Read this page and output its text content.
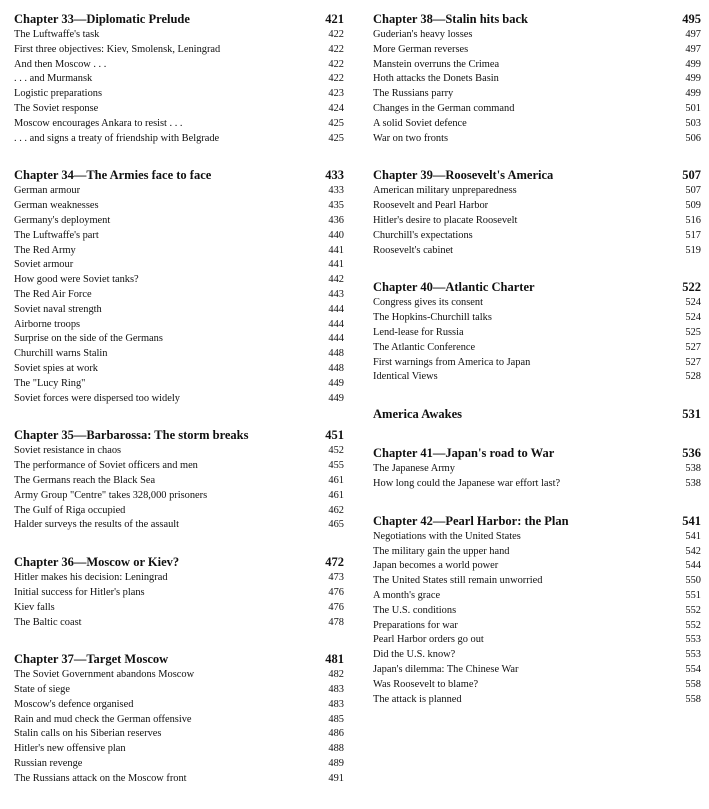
Chapter 33—Diplomatic Prelude	421
The Luftwaffe's task	422
First three objectives: Kiev, Smolensk, Leningrad	422
And then Moscow . . .	422
. . . and Murmansk	422
Logistic preparations	423
The Soviet response	424
Moscow encourages Ankara to resist . . .	425
. . . and signs a treaty of friendship with Belgrade	425
Chapter 34—The Armies face to face	433
German armour	433
German weaknesses	435
Germany's deployment	436
The Luftwaffe's part	440
The Red Army	441
Soviet armour	441
How good were Soviet tanks?	442
The Red Air Force	443
Soviet naval strength	444
Airborne troops	444
Surprise on the side of the Germans	444
Churchill warns Stalin	448
Soviet spies at work	448
The "Lucy Ring"	449
Soviet forces were dispersed too widely	449
Chapter 35—Barbarossa: The storm breaks	451
Soviet resistance in chaos	452
The performance of Soviet officers and men	455
The Germans reach the Black Sea	461
Army Group "Centre" takes 328,000 prisoners	461
The Gulf of Riga occupied	462
Halder surveys the results of the assault	465
Chapter 36—Moscow or Kiev?	472
Hitler makes his decision: Leningrad	473
Initial success for Hitler's plans	476
Kiev falls	476
The Baltic coast	478
Chapter 37—Target Moscow	481
The Soviet Government abandons Moscow	482
State of siege	483
Moscow's defence organised	483
Rain and mud check the German offensive	485
Stalin calls on his Siberian reserves	486
Hitler's new offensive plan	488
Russian revenge	489
The Russians attack on the Moscow front	491
Chapter 38—Stalin hits back	495
Guderian's heavy losses	497
More German reverses	497
Manstein overruns the Crimea	499
Hoth attacks the Donets Basin	499
The Russians parry	499
Changes in the German command	501
A solid Soviet defence	503
War on two fronts	506
Chapter 39—Roosevelt's America	507
American military unpreparedness	507
Roosevelt and Pearl Harbor	509
Hitler's desire to placate Roosevelt	516
Churchill's expectations	517
Roosevelt's cabinet	519
Chapter 40—Atlantic Charter	522
Congress gives its consent	524
The Hopkins-Churchill talks	524
Lend-lease for Russia	525
The Atlantic Conference	527
First warnings from America to Japan	527
Identical Views	528
America Awakes	531
Chapter 41—Japan's road to War	536
The Japanese Army	538
How long could the Japanese war effort last?	538
Chapter 42—Pearl Harbor: the Plan	541
Negotiations with the United States	541
The military gain the upper hand	542
Japan becomes a world power	544
The United States still remain unworried	550
A month's grace	551
The U.S. conditions	552
Preparations for war	552
Pearl Harbor orders go out	553
Did the U.S. know?	553
Japan's dilemma: The Chinese War	554
Was Roosevelt to blame?	558
The attack is planned	558
